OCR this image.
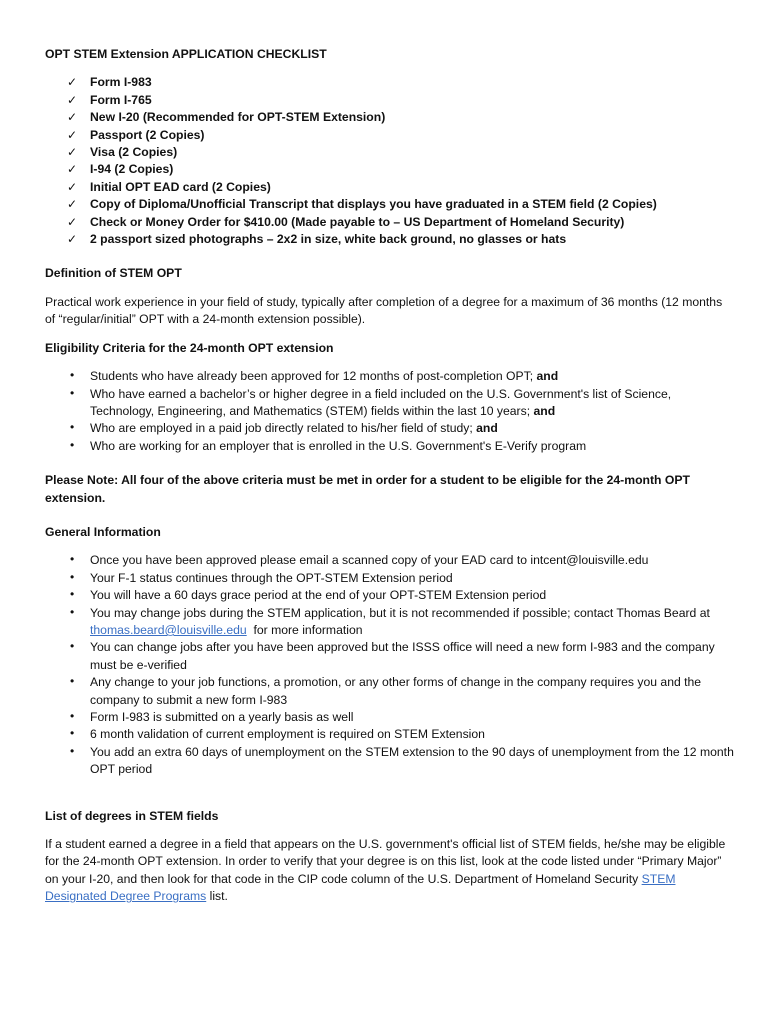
OPT STEM Extension APPLICATION CHECKLIST

✓ Form I-983
✓ Form I-765
✓ New I-20 (Recommended for OPT-STEM Extension)
✓ Passport (2 Copies)
✓ Visa (2 Copies)
✓ I-94 (2 Copies)
✓ Initial OPT EAD card (2 Copies)
✓ Copy of Diploma/Unofficial Transcript that displays you have graduated in a STEM field (2 Copies)
✓ Check or Money Order for $410.00 (Made payable to – US Department of Homeland Security)
✓ 2 passport sized photographs – 2x2 in size, white back ground, no glasses or hats

Definition of STEM OPT

Practical work experience in your field of study, typically after completion of a degree for a maximum of 36 months (12 months of “regular/initial” OPT with a 24-month extension possible).

Eligibility Criteria for the 24-month OPT extension

• Students who have already been approved for 12 months of post-completion OPT; and
• Who have earned a bachelor’s or higher degree in a field included on the U.S. Government's list of Science, Technology, Engineering, and Mathematics (STEM) fields within the last 10 years; and
• Who are employed in a paid job directly related to his/her field of study; and
• Who are working for an employer that is enrolled in the U.S. Government's E-Verify program

Please Note: All four of the above criteria must be met in order for a student to be eligible for the 24-month OPT extension.

General Information

• Once you have been approved please email a scanned copy of your EAD card to intcent@louisville.edu
• Your F-1 status continues through the OPT-STEM Extension period
• You will have a 60 days grace period at the end of your OPT-STEM Extension period
• You may change jobs during the STEM application, but it is not recommended if possible; contact Thomas Beard at thomas.beard@louisville.edu  for more information
• You can change jobs after you have been approved but the ISSS office will need a new form I-983 and the company must be e-verified
• Any change to your job functions, a promotion, or any other forms of change in the company requires you and the company to submit a new form I-983
• Form I-983 is submitted on a yearly basis as well
• 6 month validation of current employment is required on STEM Extension
• You add an extra 60 days of unemployment on the STEM extension to the 90 days of unemployment from the 12 month OPT period

List of degrees in STEM fields

If a student earned a degree in a field that appears on the U.S. government's official list of STEM fields, he/she may be eligible for the 24-month OPT extension. In order to verify that your degree is on this list, look at the code listed under “Primary Major” on your I-20, and then look for that code in the CIP code column of the U.S. Department of Homeland Security STEM Designated Degree Programs list.
